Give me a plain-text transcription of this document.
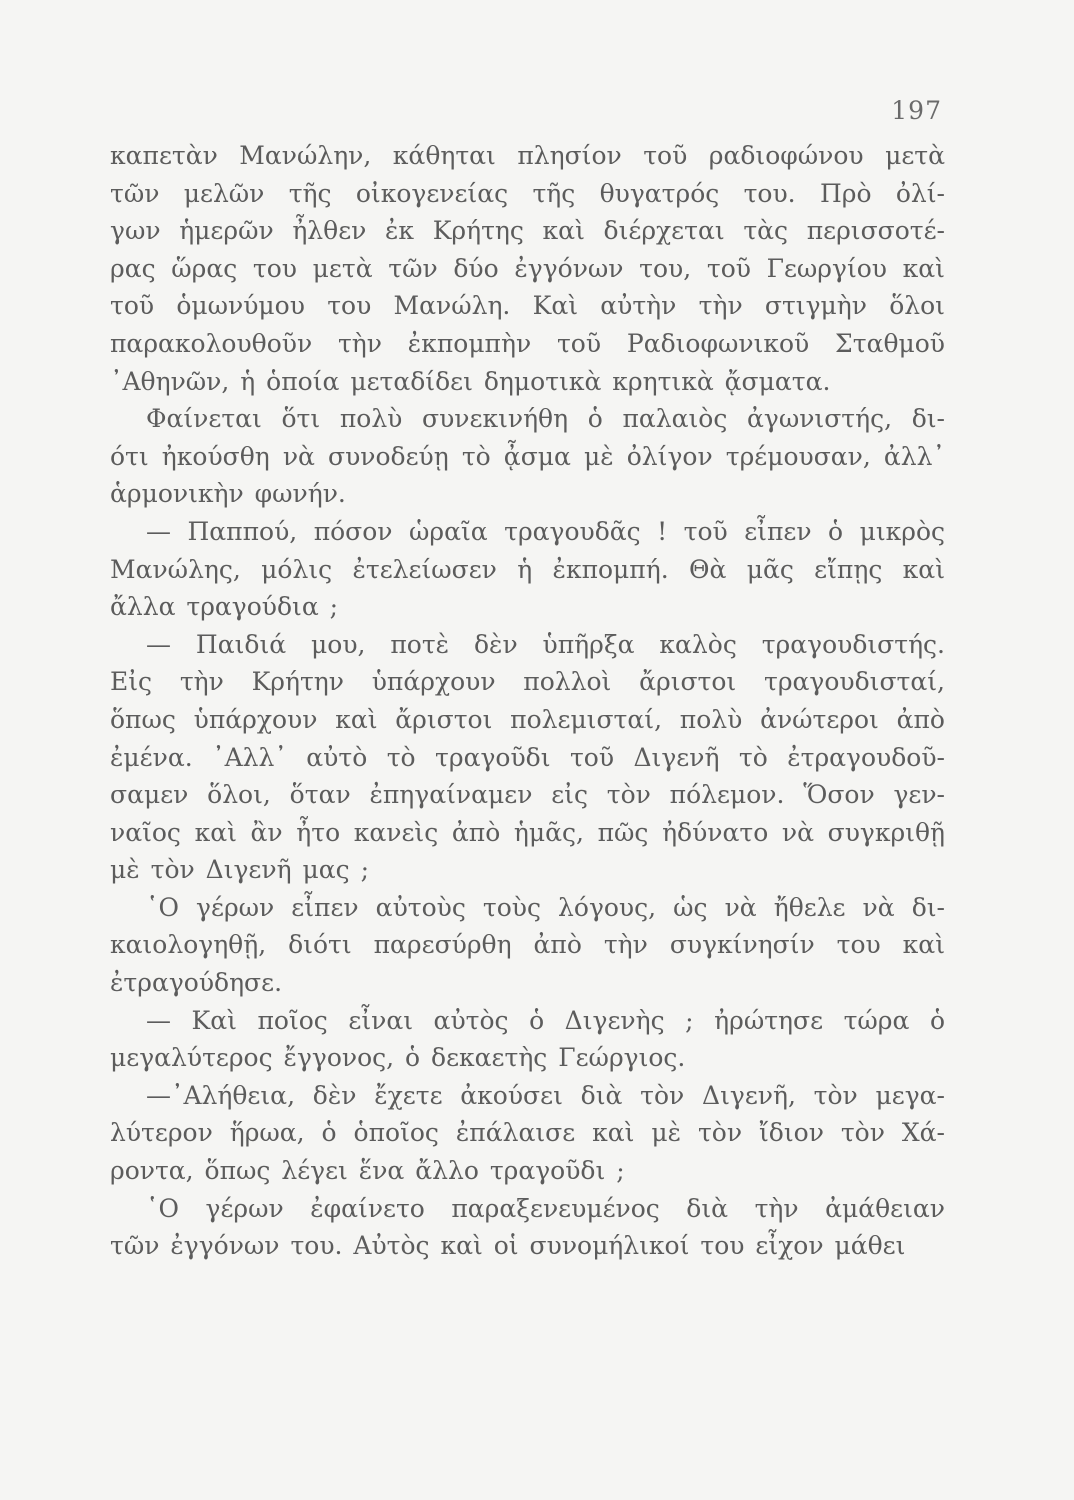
197

καπετὰν Μανώλην, κάθηται πλησίον τοῦ ραδιοφώνου μετὰ
τῶν μελῶν τῆς οἰκογενείας τῆς θυγατρός του. Πρὸ ὀλί-
γων ἡμερῶν ἦλθεν ἐκ Κρήτης καὶ διέρχεται τὰς περισσοτέ-
ρας ὥρας του μετὰ τῶν δύο ἐγγόνων του, τοῦ Γεωργίου καὶ
τοῦ ὁμωνύμου του Μανώλη. Καὶ αὐτὴν τὴν στιγμὴν ὅλοι
παρακολουθοῦν τὴν ἐκπομπὴν τοῦ Ραδιοφωνικοῦ Σταθμοῦ
᾿Αθηνῶν, ἡ ὁποία μεταδίδει δημοτικὰ κρητικὰ ᾄσματα.

Φαίνεται ὅτι πολὺ συνεκινήθη ὁ παλαιὸς ἀγωνιστής, δι-
ότι ἠκούσθη νὰ συνοδεύῃ τὸ ᾆσμα μὲ ὀλίγον τρέμουσαν, ἀλλ᾿
ἁρμονικὴν φωνήν.

— Παππού, πόσον ὡραῖα τραγουδᾶς ! τοῦ εἶπεν ὁ μικρὸς
Μανώλης, μόλις ἐτελείωσεν ἡ ἐκπομπή. Θὰ μᾶς εἴπῃς καὶ
ἄλλα τραγούδια ;

— Παιδιά μου, ποτὲ δὲν ὑπῆρξα καλὸς τραγουδιστής.
Εἰς τὴν Κρήτην ὑπάρχουν πολλοὶ ἄριστοι τραγουδισταί,
ὅπως ὑπάρχουν καὶ ἄριστοι πολεμισταί, πολὺ ἀνώτεροι ἀπὸ
ἐμένα. ᾿Αλλ᾿ αὐτὸ τὸ τραγοῦδι τοῦ Διγενῆ τὸ ἐτραγουδοῦ-
σαμεν ὅλοι, ὅταν ἐπηγαίναμεν εἰς τὸν πόλεμον. Ὅσον γεν-
ναῖος καὶ ἂν ἦτο κανεὶς ἀπὸ ἡμᾶς, πῶς ἠδύνατο νὰ συγκριθῇ
μὲ τὸν Διγενῆ μας ;

῾Ο γέρων εἶπεν αὐτοὺς τοὺς λόγους, ὡς νὰ ἤθελε νὰ δι-
καιολογηθῇ, διότι παρεσύρθη ἀπὸ τὴν συγκίνησίν του καὶ
ἐτραγούδησε.

— Καὶ ποῖος εἶναι αὐτὸς ὁ Διγενὴς ; ἠρώτησε τώρα ὁ
μεγαλύτερος ἔγγονος, ὁ δεκαετὴς Γεώργιος.

—᾿Αλήθεια, δὲν ἔχετε ἀκούσει διὰ τὸν Διγενῆ, τὸν μεγα-
λύτερον ἥρωα, ὁ ὁποῖος ἐπάλαισε καὶ μὲ τὸν ἴδιον τὸν Χά-
ροντα, ὅπως λέγει ἕνα ἄλλο τραγοῦδι ;

῾Ο γέρων ἐφαίνετο παραξενευμένος διὰ τὴν ἀμάθειαν
τῶν ἐγγόνων του. Αὐτὸς καὶ οἱ συνομήλικοί του εἶχον μάθει
